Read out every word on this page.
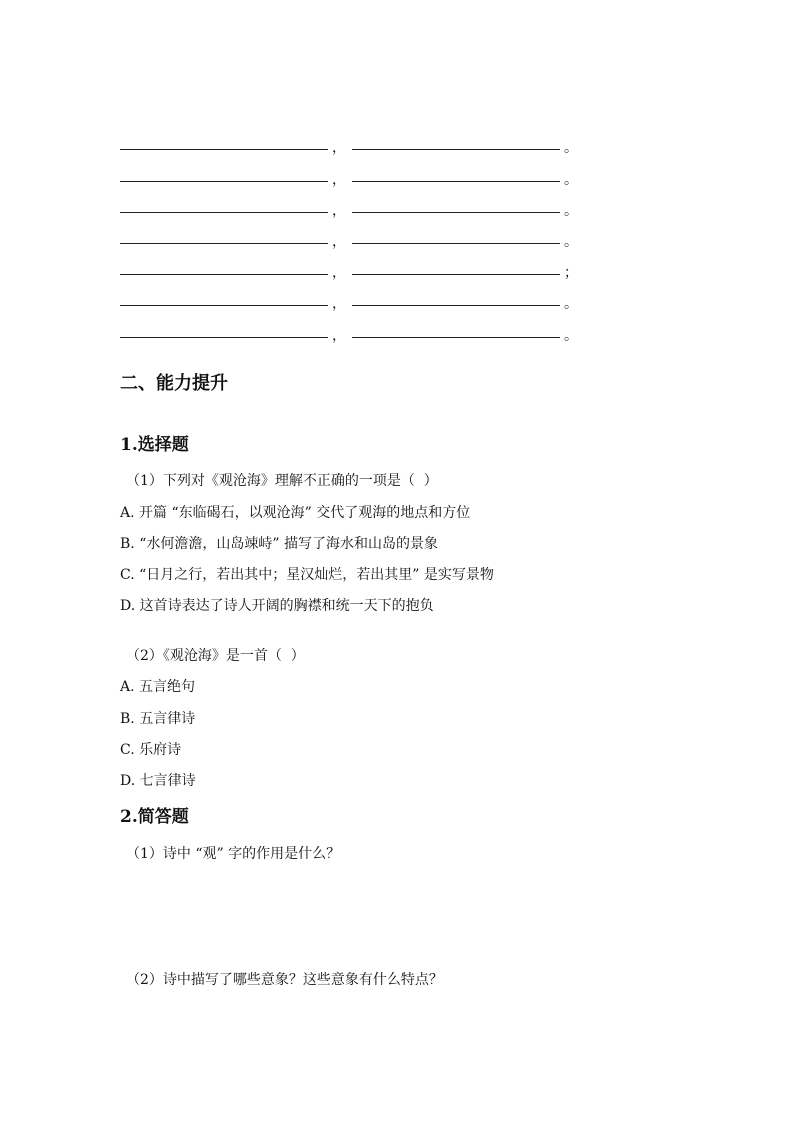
，	。
，	。
，	。
，	。
，	；
，	。
，	。
二、能力提升
1.选择题
（1）下列对《观沧海》理解不正确的一项是（  ）
A. 开篇 “东临碣石，以观沧海” 交代了观海的地点和方位
B. “水何澹澹，山岛竦峙” 描写了海水和山岛的景象
C. “日月之行，若出其中；星汉灿烂，若出其里” 是实写景物
D. 这首诗表达了诗人开阔的胸襟和统一天下的抱负
（2）《观沧海》是一首（  ）
A. 五言绝句
B. 五言律诗
C. 乐府诗
D. 七言律诗
2.简答题
（1）诗中 “观” 字的作用是什么？
（2）诗中描写了哪些意象？这些意象有什么特点？
